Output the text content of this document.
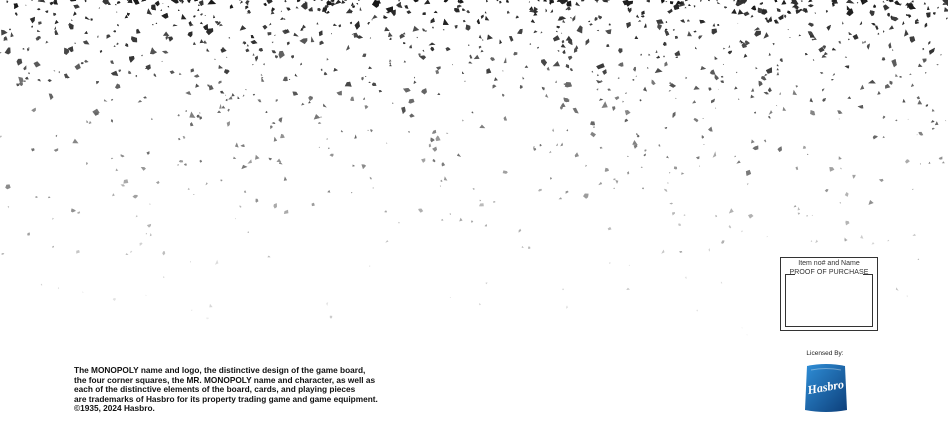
Item no# and Name
PROOF OF PURCHASE
The MONOPOLY name and logo, the distinctive design of the game board,
the four corner squares, the MR. MONOPOLY name and character, as well as
each of the distinctive elements of the board, cards, and playing pieces
are trademarks of Hasbro for its property trading game and game equipment.
©1935, 2024 Hasbro.
Licensed By:
Hasbro
